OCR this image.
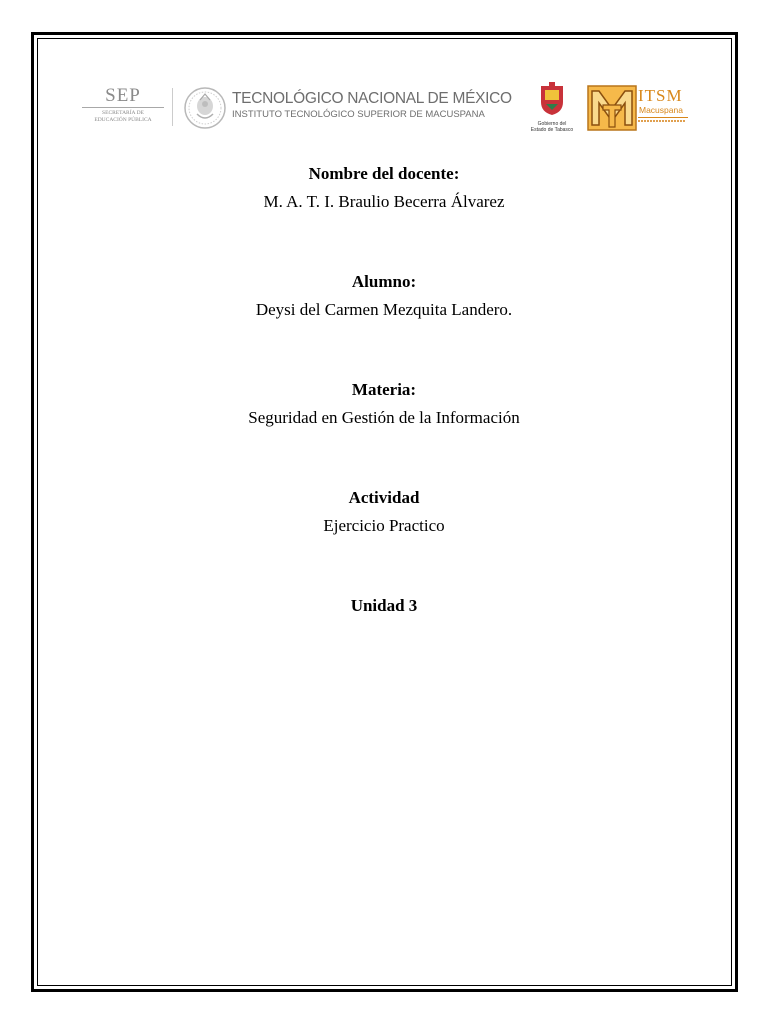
SEP
SECRETARÍA DE
EDUCACIÓN PÚBLICA
TECNOLÓGICO NACIONAL DE MÉXICO
INSTITUTO TECNOLÓGICO SUPERIOR DE MACUSPANA
Gobierno del
Estado de Tabasco
ITSM
Macuspana
Nombre del docente:
M. A. T. I. Braulio Becerra Álvarez
Alumno:
Deysi del Carmen Mezquita Landero.
Materia:
Seguridad en Gestión de la Información
Actividad
Ejercicio Practico
Unidad 3
